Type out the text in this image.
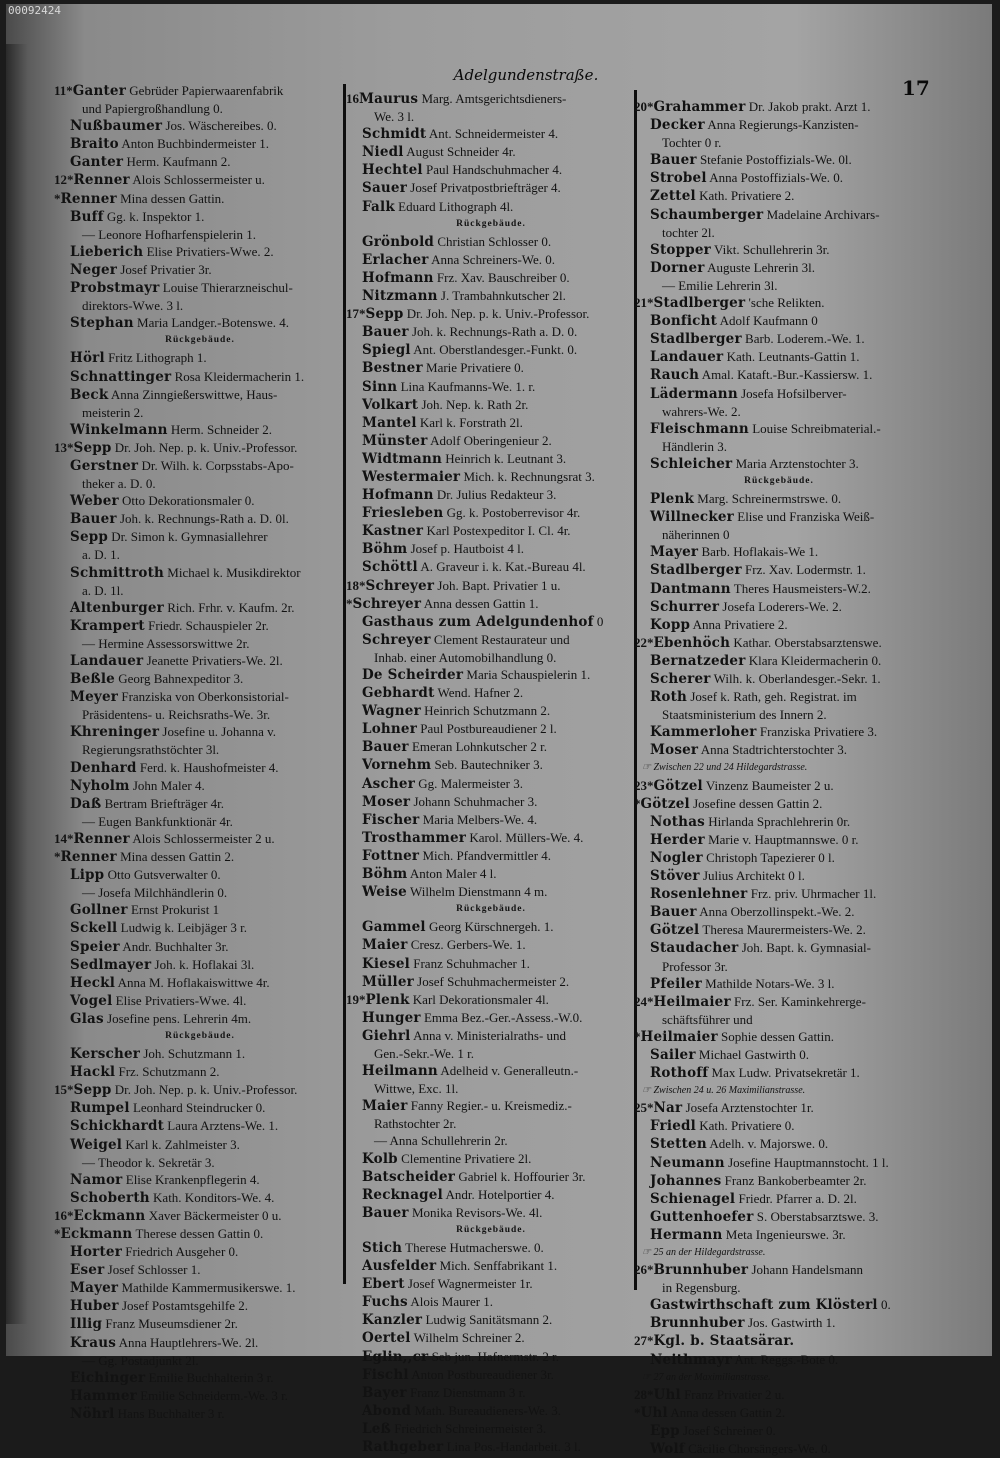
00092424
Adelgundenstraße.
17
11*Ganter Gebrüder Papierwaarenfabrik
und Papiergroßhandlung 0.
Nußbaumer Jos. Wäschereibes. 0.
Braito Anton Buchbindermeister 1.
Ganter Herm. Kaufmann 2.
12*Renner Alois Schlossermeister u.
*Renner Mina dessen Gattin.
Buff Gg. k. Inspektor 1.
— Leonore Hofharfenspielerin 1.
Lieberich Elise Privatiers-Wwe. 2.
Neger Josef Privatier 3r.
Probstmayr Louise Thierarzneischul-
direktors-Wwe. 3 l.
Stephan Maria Landger.-Botenswe. 4.
Rückgebäude.
Hörl Fritz Lithograph 1.
Schnattinger Rosa Kleidermacherin 1.
Beck Anna Zinngießerswittwe, Haus-
meisterin 2.
Winkelmann Herm. Schneider 2.
13*Sepp Dr. Joh. Nep. p. k. Univ.-Professor.
Gerstner Dr. Wilh. k. Corpsstabs-Apo-
theker a. D. 0.
Weber Otto Dekorationsmaler 0.
Bauer Joh. k. Rechnungs-Rath a. D. 0l.
Sepp Dr. Simon k. Gymnasiallehrer
a. D. 1.
Schmittroth Michael k. Musikdirektor
a. D. 1l.
Altenburger Rich. Frhr. v. Kaufm. 2r.
Krampert Friedr. Schauspieler 2r.
— Hermine Assessorswittwe 2r.
Landauer Jeanette Privatiers-We. 2l.
Beßle Georg Bahnexpeditor 3.
Meyer Franziska von Oberkonsistorial-
Präsidentens- u. Reichsraths-We. 3r.
Khreninger Josefine u. Johanna v.
Regierungsrathstöchter 3l.
Denhard Ferd. k. Haushofmeister 4.
Nyholm John Maler 4.
Daß Bertram Briefträger 4r.
— Eugen Bankfunktionär 4r.
14*Renner Alois Schlossermeister 2 u.
*Renner Mina dessen Gattin 2.
Lipp Otto Gutsverwalter 0.
— Josefa Milchhändlerin 0.
Gollner Ernst Prokurist 1
Sckell Ludwig k. Leibjäger 3 r.
Speier Andr. Buchhalter 3r.
Sedlmayer Joh. k. Hoflakai 3l.
Heckl Anna M. Hoflakaiswittwe 4r.
Vogel Elise Privatiers-Wwe. 4l.
Glas Josefine pens. Lehrerin 4m.
Rückgebäude.
Kerscher Joh. Schutzmann 1.
Hackl Frz. Schutzmann 2.
15*Sepp Dr. Joh. Nep. p. k. Univ.-Professor.
Rumpel Leonhard Steindrucker 0.
Schickhardt Laura Arztens-We. 1.
Weigel Karl k. Zahlmeister 3.
— Theodor k. Sekretär 3.
Namor Elise Krankenpflegerin 4.
Schoberth Kath. Konditors-We. 4.
16*Eckmann Xaver Bäckermeister 0 u.
*Eckmann Therese dessen Gattin 0.
Horter Friedrich Ausgeher 0.
Eser Josef Schlosser 1.
Mayer Mathilde Kammermusikerswe. 1.
Huber Josef Postamtsgehilfe 2.
Illig Franz Museumsdiener 2r.
Kraus Anna Hauptlehrers-We. 2l.
— Gg. Postadjunkt 2l.
Eichinger Emilie Buchhalterin 3 r.
Hammer Emilie Schneiderm.-We. 3 r.
Nöhrl Hans Buchhalter 3 r.
16Maurus Marg. Amtsgerichtsdieners-
We. 3 l.
Schmidt Ant. Schneidermeister 4.
Niedl August Schneider 4r.
Hechtel Paul Handschuhmacher 4.
Sauer Josef Privatpostbriefträger 4.
Falk Eduard Lithograph 4l.
Rückgebäude.
Grönbold Christian Schlosser 0.
Erlacher Anna Schreiners-We. 0.
Hofmann Frz. Xav. Bauschreiber 0.
Nitzmann J. Trambahnkutscher 2l.
17*Sepp Dr. Joh. Nep. p. k. Univ.-Professor.
Bauer Joh. k. Rechnungs-Rath a. D. 0.
Spiegl Ant. Oberstlandesger.-Funkt. 0.
Bestner Marie Privatiere 0.
Sinn Lina Kaufmanns-We. 1. r.
Volkart Joh. Nep. k. Rath 2r.
Mantel Karl k. Forstrath 2l.
Münster Adolf Oberingenieur 2.
Widtmann Heinrich k. Leutnant 3.
Westermaier Mich. k. Rechnungsrat 3.
Hofmann Dr. Julius Redakteur 3.
Friesleben Gg. k. Postoberrevisor 4r.
Kastner Karl Postexpeditor I. Cl. 4r.
Böhm Josef p. Hautboist 4 l.
Schöttl A. Graveur i. k. Kat.-Bureau 4l.
18*Schreyer Joh. Bapt. Privatier 1 u.
*Schreyer Anna dessen Gattin 1.
Gasthaus zum Adelgundenhof 0
Schreyer Clement Restaurateur und
Inhab. einer Automobilhandlung 0.
De Scheirder Maria Schauspielerin 1.
Gebhardt Wend. Hafner 2.
Wagner Heinrich Schutzmann 2.
Lohner Paul Postbureaudiener 2 l.
Bauer Emeran Lohnkutscher 2 r.
Vornehm Seb. Bautechniker 3.
Ascher Gg. Malermeister 3.
Moser Johann Schuhmacher 3.
Fischer Maria Melbers-We. 4.
Trosthammer Karol. Müllers-We. 4.
Fottner Mich. Pfandvermittler 4.
Böhm Anton Maler 4 l.
Weise Wilhelm Dienstmann 4 m.
Rückgebäude.
Gammel Georg Kürschnergeh. 1.
Maier Cresz. Gerbers-We. 1.
Kiesel Franz Schuhmacher 1.
Müller Josef Schuhmachermeister 2.
19*Plenk Karl Dekorationsmaler 4l.
Hunger Emma Bez.-Ger.-Assess.-W.0.
Giehrl Anna v. Ministerialraths- und
Gen.-Sekr.-We. 1 r.
Heilmann Adelheid v. Generalleutn.-
Wittwe, Exc. 1l.
Maier Fanny Regier.- u. Kreismediz.-
Rathstochter 2r.
— Anna Schullehrerin 2r.
Kolb Clementine Privatiere 2l.
Batscheider Gabriel k. Hoffourier 3r.
Recknagel Andr. Hotelportier 4.
Bauer Monika Revisors-We. 4l.
Rückgebäude.
Stich Therese Hutmacherswe. 0.
Ausfelder Mich. Senffabrikant 1.
Ebert Josef Wagnermeister 1r.
Fuchs Alois Maurer 1.
Kanzler Ludwig Sanitätsmann 2.
Oertel Wilhelm Schreiner 2.
Eglin,,cr Seb jun. Hafnermstr. 2 r.
Fischl Anton Postbureaudiener 3r.
Bayer Franz Dienstmann 3 r.
Abond Math. Bureaudieners-We. 3.
Leß Friedrich Schreinermeister 3.
Rathgeber Lina Pos.-Handarbeit. 3 l.
20*Grahammer Dr. Jakob prakt. Arzt 1.
Decker Anna Regierungs-Kanzisten-
Tochter 0 r.
Bauer Stefanie Postoffizials-We. 0l.
Strobel Anna Postoffizials-We. 0.
Zettel Kath. Privatiere 2.
Schaumberger Madelaine Archivars-
tochter 2l.
Stopper Vikt. Schullehrerin 3r.
Dorner Auguste Lehrerin 3l.
— Emilie Lehrerin 3l.
21*Stadlberger 'sche Relikten.
Bonficht Adolf Kaufmann 0
Stadlberger Barb. Loderem.-We. 1.
Landauer Kath. Leutnants-Gattin 1.
Rauch Amal. Kataft.-Bur.-Kassiersw. 1.
Lädermann Josefa Hofsilberver-
wahrers-We. 2.
Fleischmann Louise Schreibmaterial.-
Händlerin 3.
Schleicher Maria Arztenstochter 3.
Rückgebäude.
Plenk Marg. Schreinermstrswe. 0.
Willnecker Elise und Franziska Weiß-
näherinnen 0
Mayer Barb. Hoflakais-We 1.
Stadlberger Frz. Xav. Lodermstr. 1.
Dantmann Theres Hausmeisters-W.2.
Schurrer Josefa Loderers-We. 2.
Kopp Anna Privatiere 2.
22*Ebenhöch Kathar. Oberstabsarztenswe.
Bernatzeder Klara Kleidermacherin 0.
Scherer Wilh. k. Oberlandesger.-Sekr. 1.
Roth Josef k. Rath, geh. Registrat. im
Staatsministerium des Innern 2.
Kammerloher Franziska Privatiere 3.
Moser Anna Stadtrichterstochter 3.
☞ Zwischen 22 und 24 Hildegardstrasse.
23*Götzel Vinzenz Baumeister 2 u.
*Götzel Josefine dessen Gattin 2.
Nothas Hirlanda Sprachlehrerin 0r.
Herder Marie v. Hauptmannswe. 0 r.
Nogler Christoph Tapezierer 0 l.
Stöver Julius Architekt 0 l.
Rosenlehner Frz. priv. Uhrmacher 1l.
Bauer Anna Oberzollinspekt.-We. 2.
Götzel Theresa Maurermeisters-We. 2.
Staudacher Joh. Bapt. k. Gymnasial-
Professor 3r.
Pfeiler Mathilde Notars-We. 3 l.
24*Heilmaier Frz. Ser. Kaminkehrerge-
schäftsführer und
*Heilmaier Sophie dessen Gattin.
Sailer Michael Gastwirth 0.
Rothoff Max Ludw. Privatsekretär 1.
☞ Zwischen 24 u. 26 Maximilianstrasse.
25*Nar Josefa Arztenstochter 1r.
Friedl Kath. Privatiere 0.
Stetten Adelh. v. Majorswe. 0.
Neumann Josefine Hauptmannstocht. 1 l.
Johannes Franz Bankoberbeamter 2r.
Schienagel Friedr. Pfarrer a. D. 2l.
Guttenhoefer S. Oberstabsarztswe. 3.
Hermann Meta Ingenieurswe. 3r.
☞ 25 an der Hildegardstrasse.
26*Brunnhuber Johann Handelsmann
in Regensburg.
Gastwirthschaft zum Klösterl 0.
Brunnhuber Jos. Gastwirth 1.
27*Kgl. b. Staatsärar.
Neithmayr Ant. Reggs.-Bote 0.
☞ 27 an der Maximilianstrasse.
28*Uhl Franz Privatier 2 u.
*Uhl Anna dessen Gattin 2.
Epp Josef Schreiner 0.
Wolf Cäcilie Chorsängers-We. 0.
